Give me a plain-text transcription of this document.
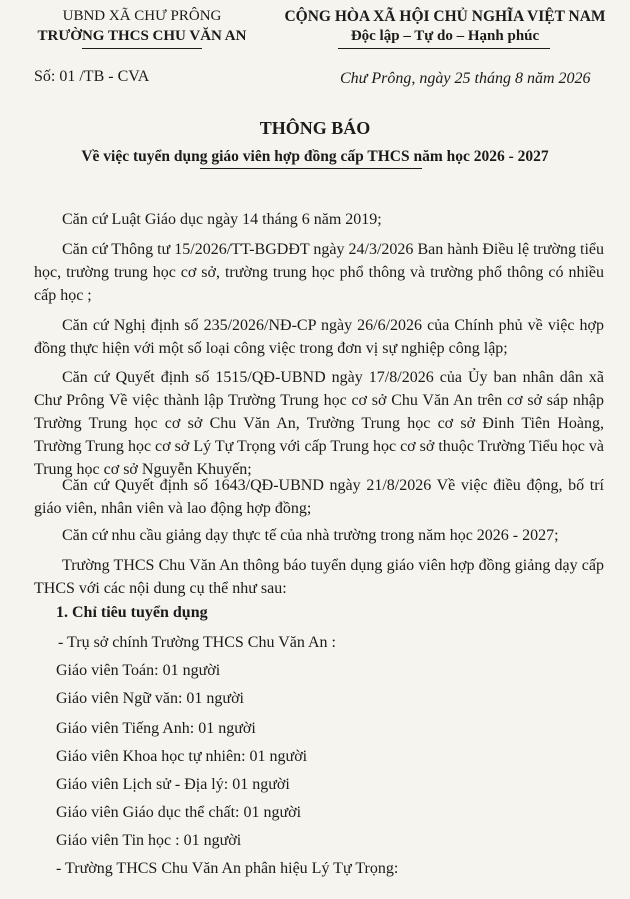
UBND XÃ CHƯ PRÔNG
TRƯỜNG THCS CHU VĂN AN
CỘNG HÒA XÃ HỘI CHỦ NGHĨA VIỆT NAM
Độc lập – Tự do – Hạnh phúc
Số: 01 /TB - CVA	Chư Prông, ngày 25 tháng 8 năm 2026
THÔNG BÁO
Về việc tuyển dụng giáo viên hợp đồng cấp THCS năm học 2026 - 2027
Căn cứ Luật Giáo dục ngày 14 tháng 6 năm 2019;
Căn cứ Thông tư 15/2026/TT-BGDĐT ngày 24/3/2026 Ban hành Điều lệ trường tiểu học, trường trung học cơ sở, trường trung học phổ thông và trường phổ thông có nhiều cấp học ;
Căn cứ Nghị định số 235/2026/NĐ-CP ngày 26/6/2026 của Chính phủ về việc hợp đồng thực hiện với một số loại công việc trong đơn vị sự nghiệp công lập;
Căn cứ Quyết định số 1515/QĐ-UBND ngày 17/8/2026 của Ủy ban nhân dân xã Chư Prông Về việc thành lập Trường Trung học cơ sở Chu Văn An trên cơ sở sáp nhập Trường Trung học cơ sở Chu Văn An, Trường Trung học cơ sở Đinh Tiên Hoàng, Trường Trung học cơ sở Lý Tự Trọng với cấp Trung học cơ sở thuộc Trường Tiểu học và Trung học cơ sở Nguyễn Khuyến;
Căn cứ Quyết định số 1643/QĐ-UBND ngày 21/8/2026 Về việc điều động, bố trí giáo viên, nhân viên và lao động hợp đồng;
Căn cứ nhu cầu giảng dạy thực tế của nhà trường trong năm học 2026 - 2027;
Trường THCS Chu Văn An thông báo tuyển dụng giáo viên hợp đồng giảng dạy cấp THCS với các nội dung cụ thể như sau:
1. Chỉ tiêu tuyển dụng
- Trụ sở chính Trường THCS Chu Văn An :
Giáo viên Toán: 01 người
Giáo viên Ngữ văn: 01 người
Giáo viên Tiếng Anh: 01 người
Giáo viên Khoa học tự nhiên: 01 người
Giáo viên Lịch sử - Địa lý: 01 người
Giáo viên Giáo dục thể chất: 01 người
Giáo viên Tin học : 01 người
- Trường THCS Chu Văn An phân hiệu Lý Tự Trọng:
